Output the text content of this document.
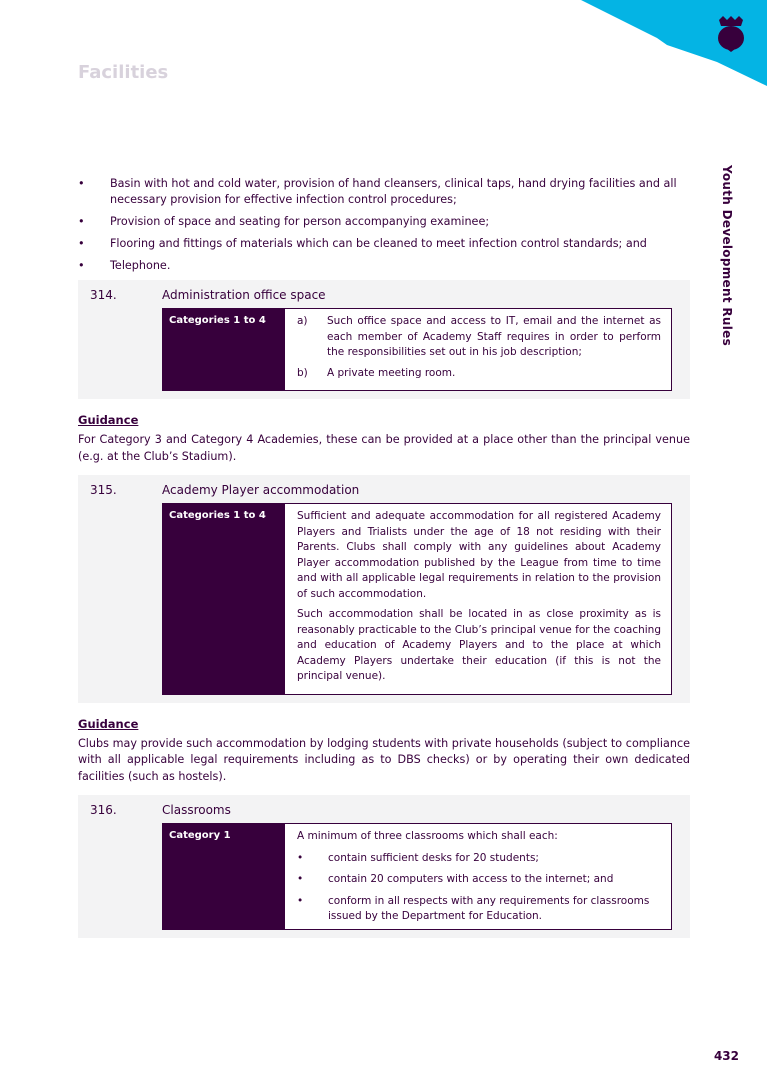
Facilities
Youth Development Rules
• Basin with hot and cold water, provision of hand cleansers, clinical taps, hand drying facilities and all necessary provision for effective infection control procedures;
• Provision of space and seating for person accompanying examinee;
• Flooring and fittings of materials which can be cleaned to meet infection control standards; and
• Telephone.
314.	Administration office space
Categories 1 to 4	a)	Such office space and access to IT, email and the internet as each member of Academy Staff requires in order to perform the responsibilities set out in his job description;
b)	A private meeting room.
Guidance
For Category 3 and Category 4 Academies, these can be provided at a place other than the principal venue (e.g. at the Club’s Stadium).
315.	Academy Player accommodation
Categories 1 to 4	Sufficient and adequate accommodation for all registered Academy Players and Trialists under the age of 18 not residing with their Parents. Clubs shall comply with any guidelines about Academy Player accommodation published by the League from time to time and with all applicable legal requirements in relation to the provision of such accommodation.

Such accommodation shall be located in as close proximity as is reasonably practicable to the Club’s principal venue for the coaching and education of Academy Players and to the place at which Academy Players undertake their education (if this is not the principal venue).

Guidance
Clubs may provide such accommodation by lodging students with private households (subject to compliance with all applicable legal requirements including as to DBS checks) or by operating their own dedicated facilities (such as hostels).
316.	Classrooms
Category 1	A minimum of three classrooms which shall each:
• contain sufficient desks for 20 students;
• contain 20 computers with access to the internet; and
• conform in all respects with any requirements for classrooms issued by the Department for Education.
432
